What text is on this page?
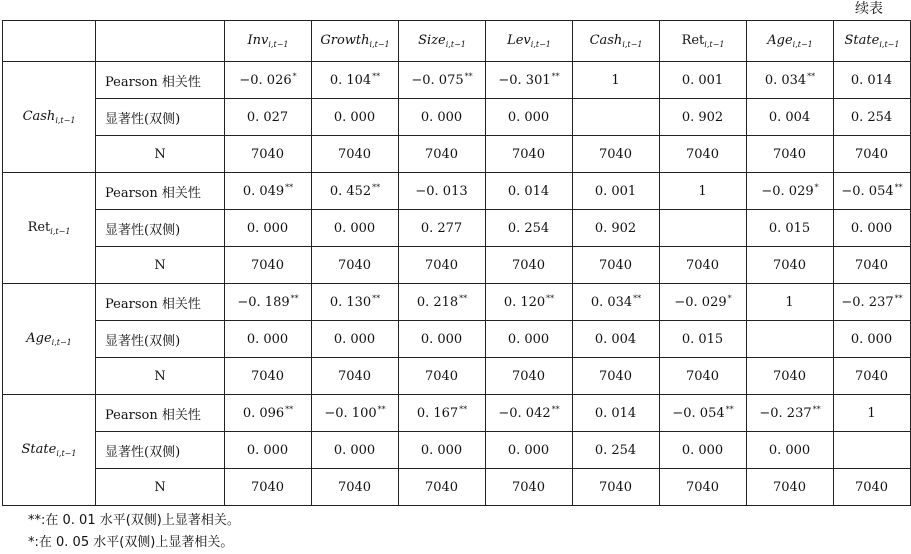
续表
		Inv$_{i,t-1}$	Growth$_{i,t-1}$	Size$_{i,t-1}$	Lev$_{i,t-1}$	Cash$_{i,t-1}$	Ret$_{i,t-1}$	Age$_{i,t-1}$	State$_{i,t-1}$
Cash$_{i,t-1}$	Pearson 相关性	−0. 026*	0. 104**	−0. 075**	−0. 301**	1	0. 001	0. 034**	0. 014
	显著性(双侧)	0. 027	0. 000	0. 000	0. 000		0. 902	0. 004	0. 254
	N	7040	7040	7040	7040	7040	7040	7040	7040
Ret$_{i,t-1}$	Pearson 相关性	0. 049**	0. 452**	−0. 013	0. 014	0. 001	1	−0. 029*	−0. 054**
	显著性(双侧)	0. 000	0. 000	0. 277	0. 254	0. 902		0. 015	0. 000
	N	7040	7040	7040	7040	7040	7040	7040	7040
Age$_{i,t-1}$	Pearson 相关性	−0. 189**	0. 130**	0. 218**	0. 120**	0. 034**	−0. 029*	1	−0. 237**
	显著性(双侧)	0. 000	0. 000	0. 000	0. 000	0. 004	0. 015		0. 000
	N	7040	7040	7040	7040	7040	7040	7040	7040
State$_{i,t-1}$	Pearson 相关性	0. 096**	−0. 100**	0. 167**	−0. 042**	0. 014	−0. 054**	−0. 237**	1
	显著性(双侧)	0. 000	0. 000	0. 000	0. 000	0. 254	0. 000	0. 000	
	N	7040	7040	7040	7040	7040	7040	7040	7040
**:在 0. 01 水平(双侧)上显著相关。
*:在 0. 05 水平(双侧)上显著相关。
